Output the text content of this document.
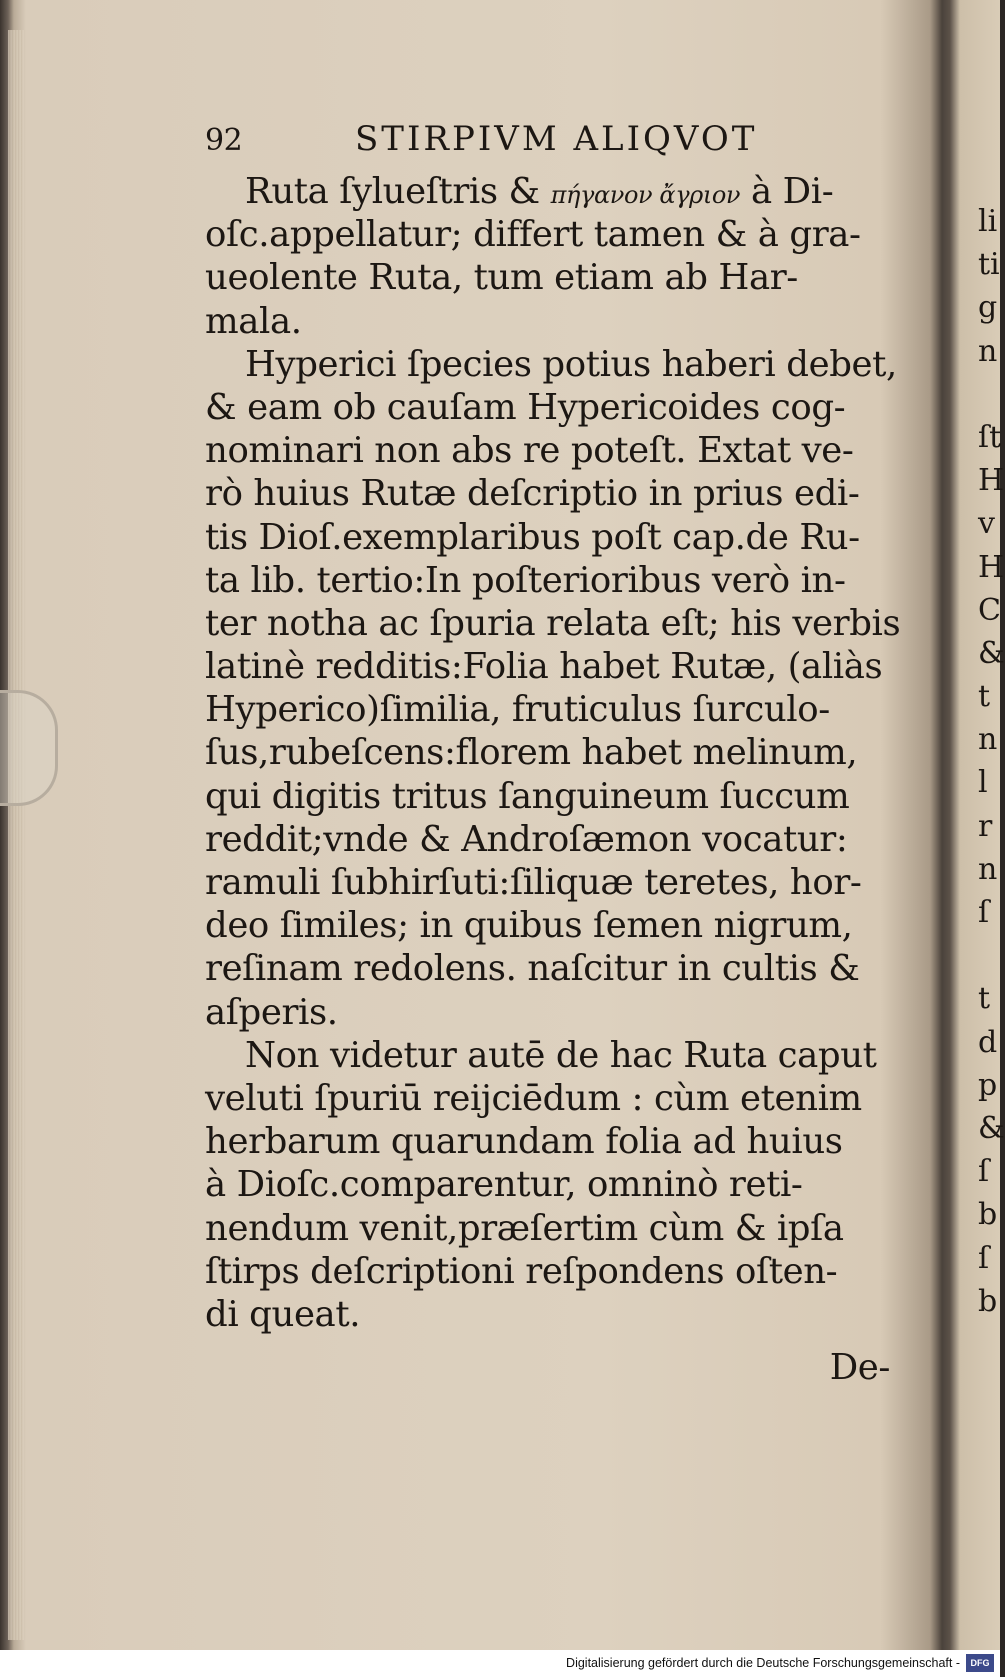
92	STIRPIVM ALIQVOT
Ruta ſylueſtris & πήγανον ἄγριον à Di-
oſc.appellatur; differt tamen & à gra-
ueolente Ruta, tum etiam ab Har-
mala.
Hyperici ſpecies potius haberi debet,
& eam ob cauſam Hypericoides cog-
nominari non abs re poteſt. Extat ve-
rò huius Rutæ deſcriptio in prius edi-
tis Dioſ.exemplaribus poſt cap.de Ru-
ta lib. tertio:In poſterioribus verò in-
ter notha ac ſpuria relata eſt; his verbis
latinè redditis:Folia habet Rutæ, (aliàs
Hyperico)ſimilia, fruticulus ſurculo-
ſus,rubeſcens:florem habet melinum,
qui digitis tritus ſanguineum ſuccum
reddit;vnde & Androſæmon vocatur:
ramuli ſubhirſuti:ſiliquæ teretes, hor-
deo ſimiles; in quibus ſemen nigrum,
reſinam redolens. naſcitur in cultis &
aſperis.
Non videtur autē de hac Ruta caput
veluti ſpuriū reijciēdum : cùm etenim
herbarum quarundam folia ad huius
à Dioſc.comparentur, omninò reti-
nendum venit,præſertim cùm & ipſa
ſtirps deſcriptioni reſpondens oſten-
di queat.
De-
li
ti
g
n
ſt
H
v
H
C
&
t
n
l
r
n
ſ
t
d
p
&
ſ
b
ſ
b
Digitalisierung gefördert durch die Deutsche Forschungsgemeinschaft -	DFG
